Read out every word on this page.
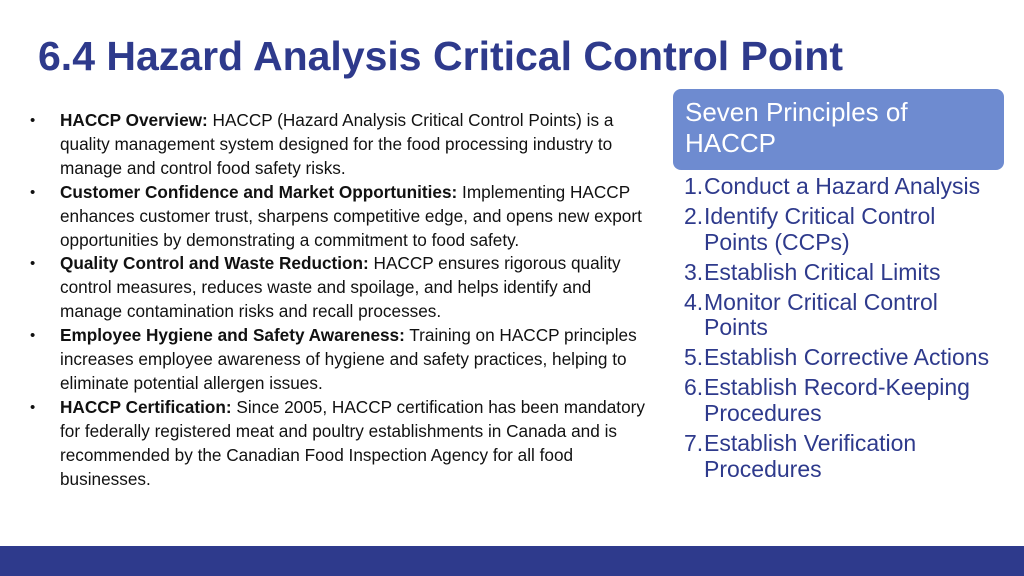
6.4 Hazard Analysis Critical Control Point
•	HACCP Overview: HACCP (Hazard Analysis Critical Control Points) is a quality management system designed for the food processing industry to manage and control food safety risks.
•	Customer Confidence and Market Opportunities: Implementing HACCP enhances customer trust, sharpens competitive edge, and opens new export opportunities by demonstrating a commitment to food safety.
•	Quality Control and Waste Reduction: HACCP ensures rigorous quality control measures, reduces waste and spoilage, and helps identify and manage contamination risks and recall processes.
•	Employee Hygiene and Safety Awareness: Training on HACCP principles increases employee awareness of hygiene and safety practices, helping to eliminate potential allergen issues.
•	HACCP Certification: Since 2005, HACCP certification has been mandatory for federally registered meat and poultry establishments in Canada and is recommended by the Canadian Food Inspection Agency for all food businesses.
Seven Principles of HACCP
1. Conduct a Hazard Analysis
2. Identify Critical Control Points (CCPs)
3. Establish Critical Limits
4. Monitor Critical Control Points
5. Establish Corrective Actions
6. Establish Record-Keeping Procedures
7. Establish Verification Procedures
